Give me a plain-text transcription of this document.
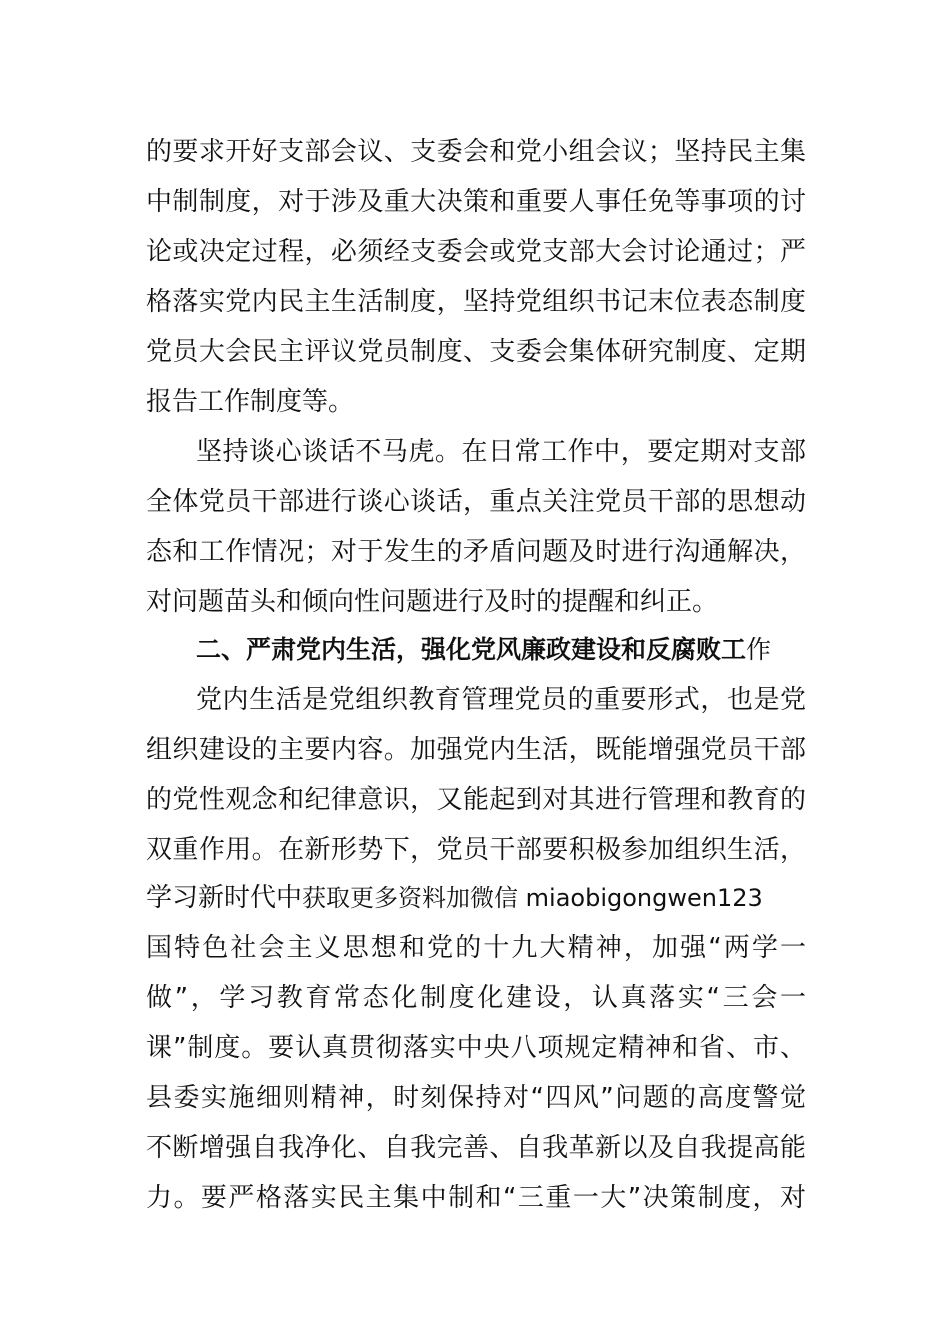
的要求开好支部会议、支委会和党小组会议；坚持民主集
中制制度，对于涉及重大决策和重要人事任免等事项的讨
论或决定过程，必须经支委会或党支部大会讨论通过；严
格落实党内民主生活制度，坚持党组织书记末位表态制度
党员大会民主评议党员制度、支委会集体研究制度、定期
报告工作制度等。
坚持谈心谈话不马虎。在日常工作中，要定期对支部
全体党员干部进行谈心谈话，重点关注党员干部的思想动
态和工作情况；对于发生的矛盾问题及时进行沟通解决，
对问题苗头和倾向性问题进行及时的提醒和纠正。
二、严肃党内生活，强化党风廉政建设和反腐败工作
党内生活是党组织教育管理党员的重要形式，也是党
组织建设的主要内容。加强党内生活，既能增强党员干部
的党性观念和纪律意识，又能起到对其进行管理和教育的
双重作用。在新形势下，党员干部要积极参加组织生活，
学习新时代中获取更多资料加微信 miaobigongwen123
国特色社会主义思想和党的十九大精神，加强“两学一
做”，学习教育常态化制度化建设，认真落实“三会一
课”制度。要认真贯彻落实中央八项规定精神和省、市、
县委实施细则精神，时刻保持对“四风”问题的高度警觉
不断增强自我净化、自我完善、自我革新以及自我提高能
力。要严格落实民主集中制和“三重一大”决策制度，对
